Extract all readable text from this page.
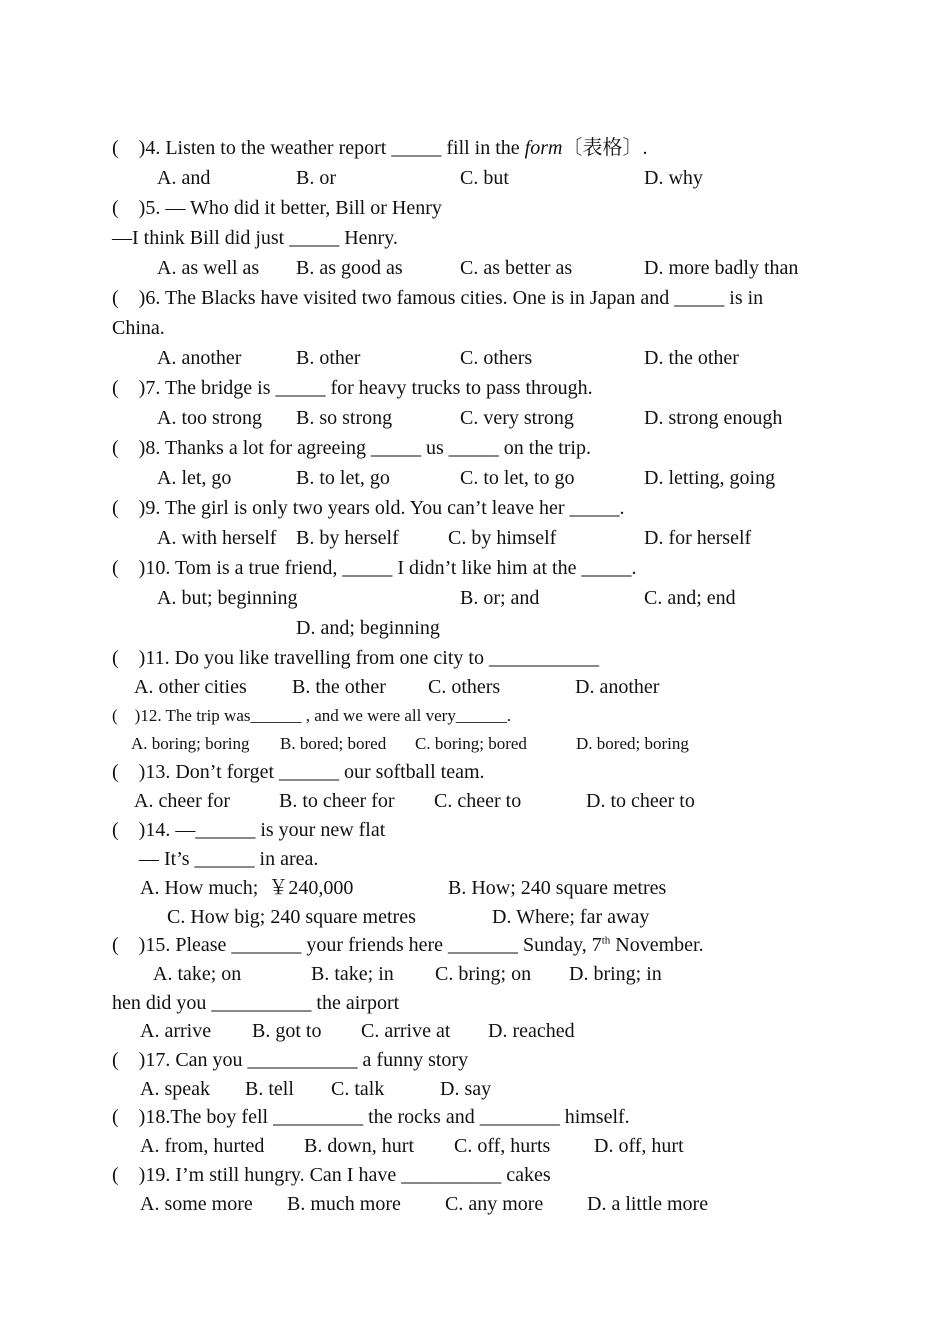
(    )4. Listen to the weather report _____ fill in the form〔表格〕.
A. and	B. or	C. but	D. why
(    )5. — Who did it better, Bill or Henry
—I think Bill did just _____ Henry.
A. as well as B. as good as	C. as better as	D. more badly than
(    )6. The Blacks have visited two famous cities. One is in Japan and _____ is in
China.
A. another	B. other	C. others	D. the other
(    )7. The bridge is _____ for heavy trucks to pass through.
A. too strong B. so strong	C. very strong	D. strong enough
(    )8. Thanks a lot for agreeing _____ us _____ on the trip.
A. let, go	B. to let, go	C. to let, to go	D. letting, going
(    )9. The girl is only two years old. You can’t leave her _____.
A. with herself B. by herself C. by himself	D. for herself
(    )10. Tom is a true friend, _____ I didn’t like him at the _____.
A. but; beginning	B. or; and	C. and; end
D. and; beginning
(    )11. Do you like travelling from one city to ___________
A. other cities B. the other C. others	D. another
(    )12. The trip was______ , and we were all very______.
A. boring; boring B. bored; bored C. boring; bored	D. bored; boring
(    )13. Don’t forget ______ our softball team.
A. cheer for B. to cheer for C. cheer to	D. to cheer to
(    )14. —______ is your new flat
— It’s ______ in area.
A. How much;  ￥240,000	B. How; 240 square metres
C. How big; 240 square metres	D. Where; far away
(    )15. Please _______ your friends here _______ Sunday, 7th November.
A. take; on	B. take; in C. bring; on D. bring; in
hen did you __________ the airport
A. arrive B. got to C. arrive at D. reached
(    )17. Can you ___________ a funny story
A. speak B. tell C. talk	D. say
(    )18.The boy fell _________ the rocks and ________ himself.
A. from, hurted B. down, hurt C. off, hurts D. off, hurt
(    )19. I’m still hungry. Can I have __________ cakes
A. some more B. much more C. any more D. a little more
